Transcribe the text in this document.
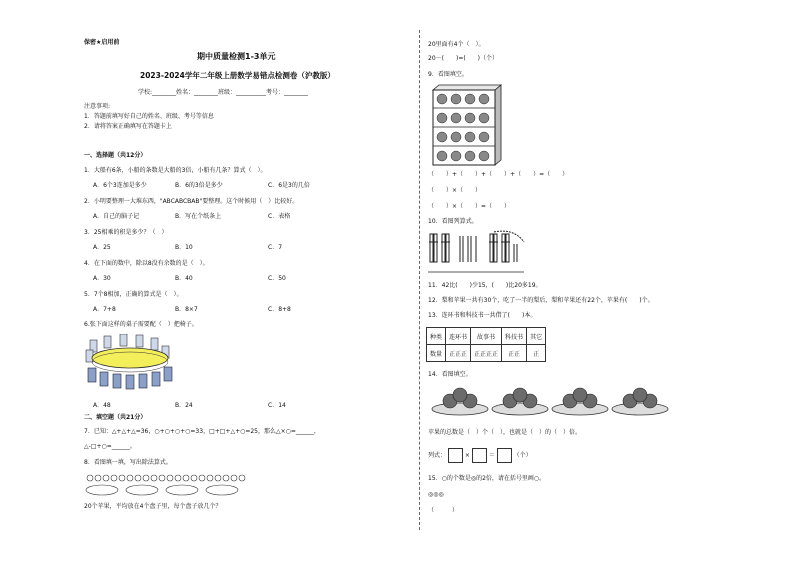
保密★启用前
期中质量检测1-3单元
2023-2024学年二年级上册数学易错点检测卷（沪教版）
学校:________姓名：________班级：__________考号：________
注意事项:
1．答题前填写好自己的姓名、班级、考号等信息
2．请将答案正确填写在答题卡上
一、选择题（共12分）
1．大船有6条，小船的条数是大船的3倍，小船有几条？算式（　）。
A．6个3连加是多少	B．6的3倍是多少	C．6是3的几倍
2．小明要整理一大堆东西，"ABCABCBAB"要整理。这个时候用（　）比较好。
A．自己的脑子记	B．写在个纸条上	C．表格
3．25相乘的积是多少？（　）
A．25	B．10	C．7
4．在下面的数中，除以8没有余数的是（　）。
A．30	B．40	C．50
5．7个8相加，正确的算式是（　）。
A．7+8	B．8×7	C．8+8
6.张下面这样的桌子需要配（　）把椅子。
A．48	B．24	C．14
二、填空题（共21分）
7．已知：△+△+△=36，○+○+○+○=33，□+□+△+○=25，那么△×○=______，
△-□+○=______。
8．看图填一填，写出除法算式。
20个苹果，平均放在4个盘子里，每个盘子放几个？
20里面有4个（　）。
20－(　　)=(　　)（个）
9．看图填空。
（　　）+（　　）+（　　）+（　　）=（　　）
（　　）×（　　）
（　　）×（　　）=（　　）
10．看图列算式。
11．42比(　　)少15，(　　)比20多19。
12．梨和苹果一共有30个，吃了一半的梨后，梨和苹果还有22个，苹果有(　　)个。
13．连环书和科技书一共借了(　　)本。
种类	连环书	故事书	科技书	其它
数量	正正正	正正正正	正正	正
14．看图填空。
苹果的总数是（　）个（　），也就是（　）的（　）倍。
列式：	×	＝	（个）
15．○的个数是◎的2倍，请在括号里画○。
◎◎◎
（　　　）
